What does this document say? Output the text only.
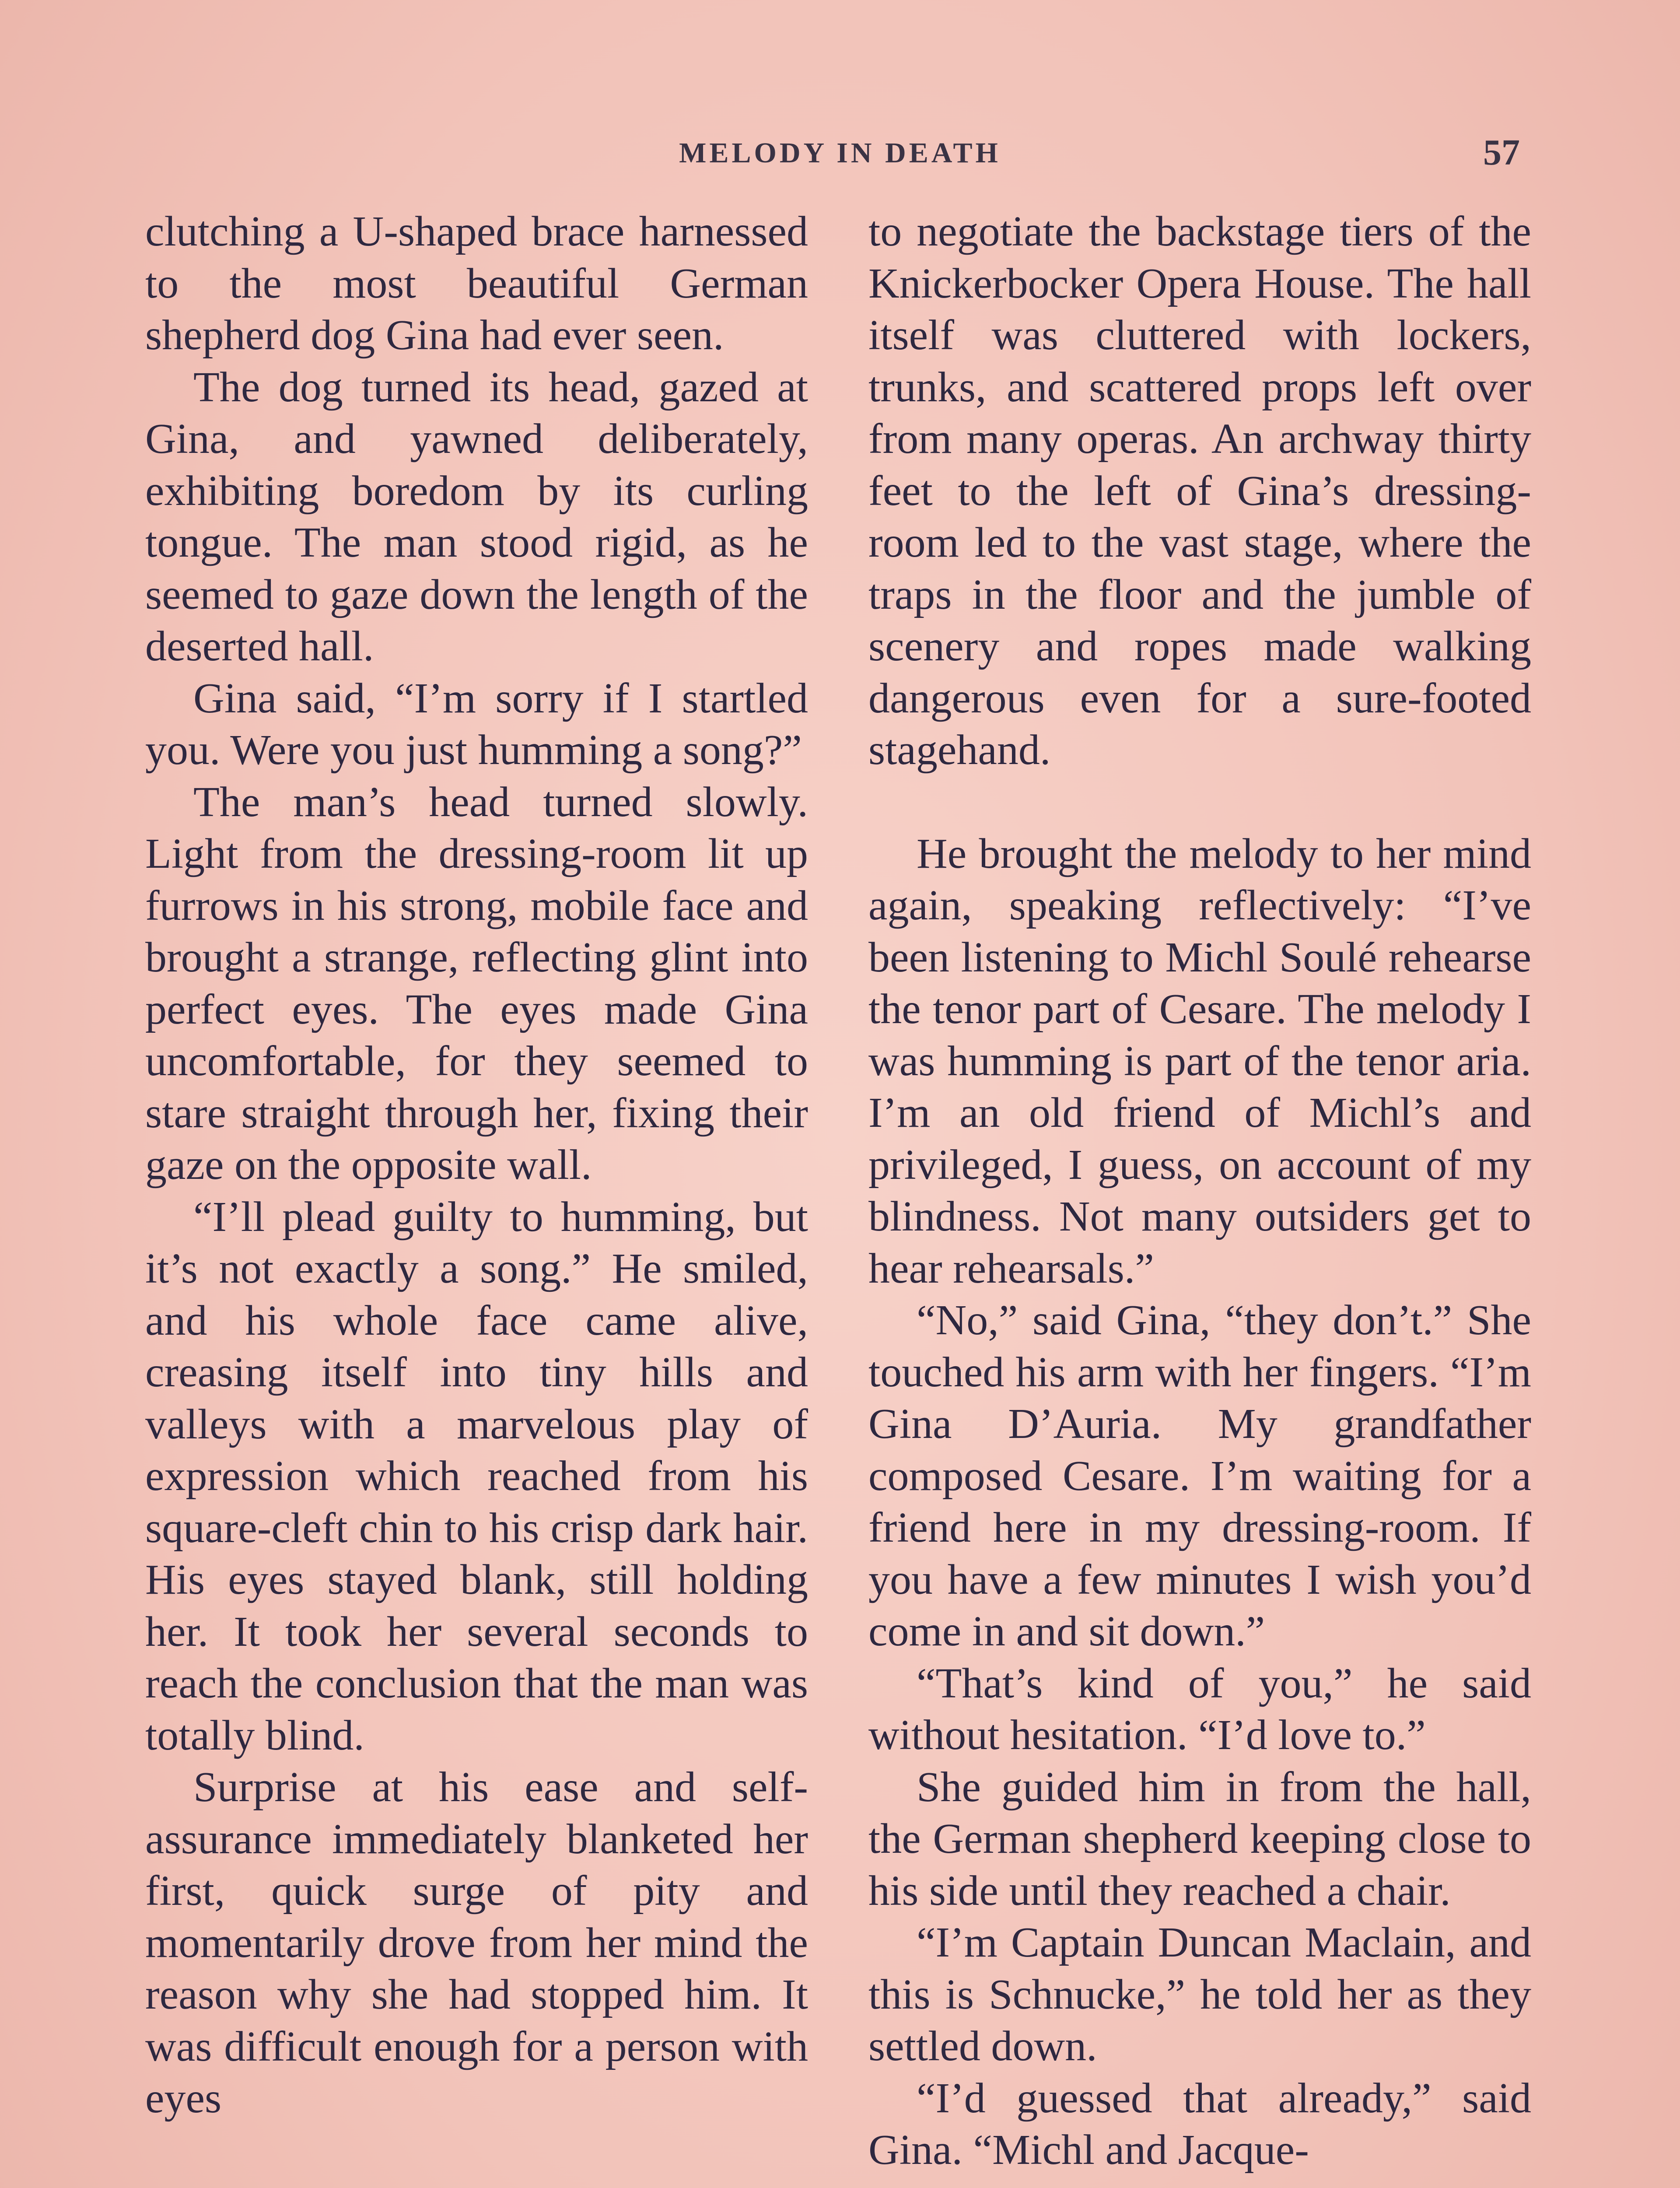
MELODY IN DEATH	57

clutching a U-shaped brace harnessed to the most beautiful German shepherd dog Gina had ever seen.

The dog turned its head, gazed at Gina, and yawned deliberately, exhibiting boredom by its curling tongue. The man stood rigid, as he seemed to gaze down the length of the deserted hall.

Gina said, “I’m sorry if I startled you. Were you just humming a song?”

The man’s head turned slowly. Light from the dressing-room lit up furrows in his strong, mobile face and brought a strange, reflecting glint into perfect eyes. The eyes made Gina uncomfortable, for they seemed to stare straight through her, fixing their gaze on the opposite wall.

“I’ll plead guilty to humming, but it’s not exactly a song.” He smiled, and his whole face came alive, creasing itself into tiny hills and valleys with a marvelous play of expression which reached from his square-cleft chin to his crisp dark hair. His eyes stayed blank, still holding her. It took her several seconds to reach the conclusion that the man was totally blind.

Surprise at his ease and self-assurance immediately blanketed her first, quick surge of pity and momentarily drove from her mind the reason why she had stopped him. It was difficult enough for a person with eyes

to negotiate the backstage tiers of the Knickerbocker Opera House. The hall itself was cluttered with lockers, trunks, and scattered props left over from many operas. An archway thirty feet to the left of Gina’s dressing-room led to the vast stage, where the traps in the floor and the jumble of scenery and ropes made walking dangerous even for a sure-footed stagehand.

He brought the melody to her mind again, speaking reflectively: “I’ve been listening to Michl Soulé rehearse the tenor part of Cesare. The melody I was humming is part of the tenor aria. I’m an old friend of Michl’s and privileged, I guess, on account of my blindness. Not many outsiders get to hear rehearsals.”

“No,” said Gina, “they don’t.” She touched his arm with her fingers. “I’m Gina D’Auria. My grandfather composed Cesare. I’m waiting for a friend here in my dressing-room. If you have a few minutes I wish you’d come in and sit down.”

“That’s kind of you,” he said without hesitation. “I’d love to.”

She guided him in from the hall, the German shepherd keeping close to his side until they reached a chair.

“I’m Captain Duncan Maclain, and this is Schnucke,” he told her as they settled down.

“I’d guessed that already,” said Gina. “Michl and Jacque-
